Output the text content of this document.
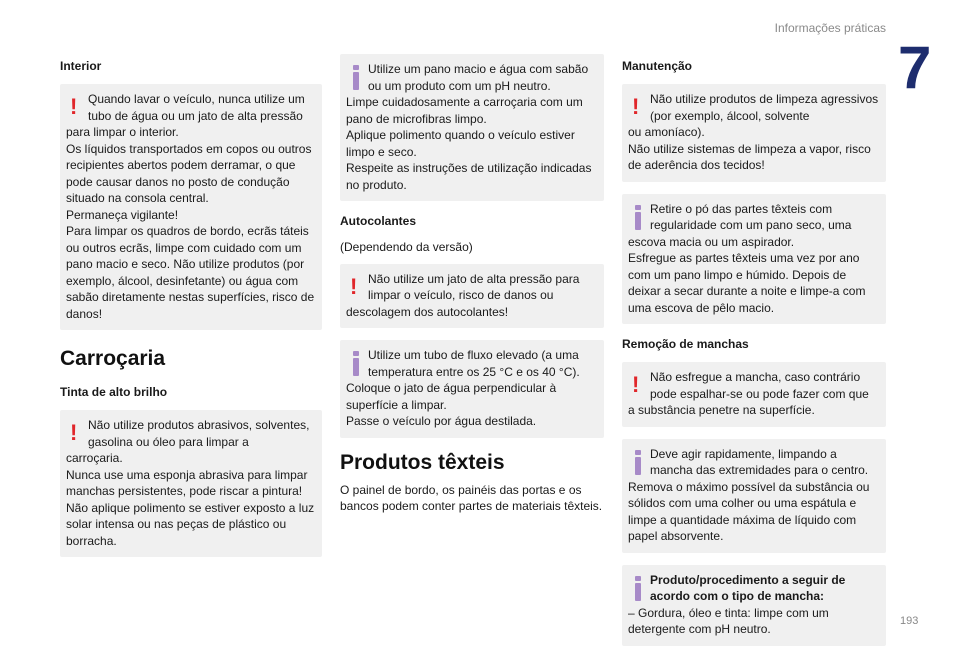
Informações práticas
7
Interior
! Quando lavar o veículo, nunca utilize um tubo de água ou um jato de alta pressão
para limpar o interior.
Os líquidos transportados em copos ou outros recipientes abertos podem derramar, o que pode causar danos no posto de condução situado na consola central.
Permaneça vigilante!
Para limpar os quadros de bordo, ecrãs táteis ou outros ecrãs, limpe com cuidado com um pano macio e seco. Não utilize produtos (por exemplo, álcool, desinfetante) ou água com sabão diretamente nestas superfícies, risco de danos!
Carroçaria
Tinta de alto brilho
! Não utilize produtos abrasivos, solventes, gasolina ou óleo para limpar a
carroçaria.
Nunca use uma esponja abrasiva para limpar manchas persistentes, pode riscar a pintura!
Não aplique polimento se estiver exposto a luz solar intensa ou nas peças de plástico ou borracha.
Utilize um pano macio e água com sabão ou um produto com um pH neutro.
Limpe cuidadosamente a carroçaria com um pano de microfibras limpo.
Aplique polimento quando o veículo estiver limpo e seco.
Respeite as instruções de utilização indicadas no produto.
Autocolantes
(Dependendo da versão)
! Não utilize um jato de alta pressão para limpar o veículo, risco de danos ou
descolagem dos autocolantes!
Utilize um tubo de fluxo elevado (a uma temperatura entre os 25 °C e os 40 °C).
Coloque o jato de água perpendicular à superfície a limpar.
Passe o veículo por água destilada.
Produtos têxteis
O painel de bordo, os painéis das portas e os bancos podem conter partes de materiais têxteis.
Manutenção
! Não utilize produtos de limpeza agressivos (por exemplo, álcool, solvente
ou amoníaco).
Não utilize sistemas de limpeza a vapor, risco de aderência dos tecidos!
Retire o pó das partes têxteis com regularidade com um pano seco, uma
escova macia ou um aspirador.
Esfregue as partes têxteis uma vez por ano com um pano limpo e húmido. Depois de deixar a secar durante a noite e limpe-a com uma escova de pêlo macio.
Remoção de manchas
! Não esfregue a mancha, caso contrário pode espalhar-se ou pode fazer com que
a substância penetre na superfície.
Deve agir rapidamente, limpando a mancha das extremidades para o centro.
Remova o máximo possível da substância ou sólidos com uma colher ou uma espátula e limpe a quantidade máxima de líquido com papel absorvente.
Produto/procedimento a seguir de acordo com o tipo de mancha:
– Gordura, óleo e tinta: limpe com um detergente com pH neutro.
193
